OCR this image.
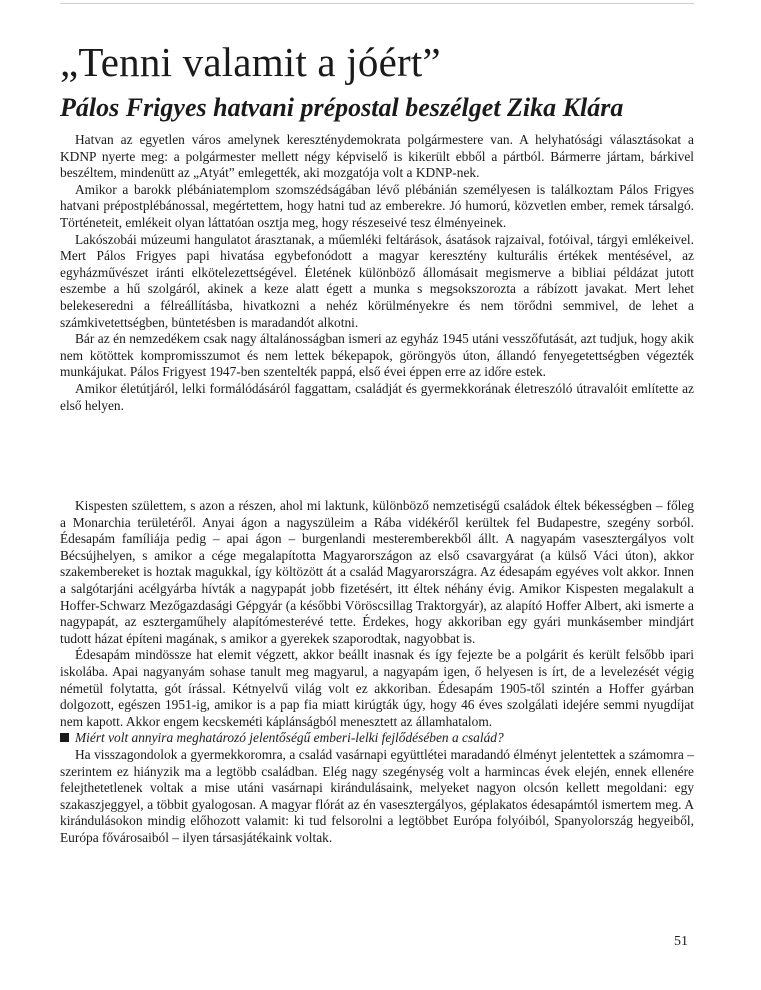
„Tenni valamit a jóért”
Pálos Frigyes hatvani prépostal beszélget Zika Klára

Hatvan az egyetlen város amelynek kereszténydemokrata polgármestere van. A helyhatósági választásokat a KDNP nyerte meg: a polgármester mellett négy képviselő is kikerült ebből a pártból. Bármerre jártam, bárkivel beszéltem, mindenütt az „Atyát” emlegették, aki mozgatója volt a KDNP-nek.

Amikor a barokk plébániatemplom szomszédságában lévő plébánián személyesen is találkoztam Pálos Frigyes hatvani prépostplébánossal, megértettem, hogy hatni tud az emberekre. Jó humorú, közvetlen ember, remek társalgó. Történeteit, emlékeit olyan láttatóan osztja meg, hogy részeseivé tesz élményeinek.

Lakószobái múzeumi hangulatot árasztanak, a műemléki feltárások, ásatások rajzaival, fotóival, tárgyi emlékeivel. Mert Pálos Frigyes papi hivatása egybefonódott a magyar keresztény kulturális értékek mentésével, az egyházművészet iránti elkötelezettségével. Életének különböző állomásait megismerve a bibliai példázat jutott eszembe a hű szolgáról, akinek a keze alatt égett a munka s megsokszorozta a rábízott javakat. Mert lehet belekeseredni a félreállításba, hivatkozni a nehéz körülményekre és nem törődni semmivel, de lehet a számkivetettségben, büntetésben is maradandót alkotni.

Bár az én nemzedékem csak nagy általánosságban ismeri az egyház 1945 utáni vesszőfutását, azt tudjuk, hogy akik nem kötöttek kompromisszumot és nem lettek békepapok, göröngyös úton, állandó fenyegetettségben végezték munkájukat. Pálos Frigyest 1947-ben szentelték pappá, első évei éppen erre az időre estek.

Amikor életútjáról, lelki formálódásáról faggattam, családját és gyermekkorának életreszóló útravalóit említette az első helyen.

Kispesten születtem, s azon a részen, ahol mi laktunk, különböző nemzetiségű családok éltek békességben – főleg a Monarchia területéről. Anyai ágon a nagyszüleim a Rába vidékéről kerültek fel Budapestre, szegény sorból. Édesapám famíliája pedig – apai ágon – burgenlandi mesteremberekből állt. A nagyapám vasesztergályos volt Bécsújhelyen, s amikor a cége megalapította Magyarországon az első csavargyárat (a külső Váci úton), akkor szakembereket is hoztak magukkal, így költözött át a család Magyarországra. Az édesapám egyéves volt akkor. Innen a salgótarjáni acélgyárba hívták a nagypapát jobb fizetésért, itt éltek néhány évig. Amikor Kispesten megalakult a Hoffer-Schwarz Mezőgazdasági Gépgyár (a későbbi Vöröscsillag Traktorgyár), az alapító Hoffer Albert, aki ismerte a nagypapát, az esztergaműhely alapítómesterévé tette. Érdekes, hogy akkoriban egy gyári munkásember mindjárt tudott házat építeni magának, s amikor a gyerekek szaporodtak, nagyobbat is.

Édesapám mindössze hat elemit végzett, akkor beállt inasnak és így fejezte be a polgárit és került felsőbb ipari iskolába. Apai nagyanyám sohase tanult meg magyarul, a nagyapám igen, ő helyesen is írt, de a levelezését végig németül folytatta, gót írással. Kétnyelvű világ volt ez akkoriban. Édesapám 1905-től szintén a Hoffer gyárban dolgozott, egészen 1951-ig, amikor is a pap fia miatt kirúgták úgy, hogy 46 éves szolgálati idejére semmi nyugdíjat nem kapott. Akkor engem kecskeméti káplánságból menesztett az államhatalom.

Miért volt annyira meghatározó jelentőségű emberi-lelki fejlődésében a család?

Ha visszagondolok a gyermekkoromra, a család vasárnapi együttlétei maradandó élményt jelentettek a számomra – szerintem ez hiányzik ma a legtöbb családban. Elég nagy szegénység volt a harmincas évek elején, ennek ellenére felejthetetlenek voltak a mise utáni vasárnapi kirándulásaink, melyeket nagyon olcsón kellett megoldani: egy szakaszjeggyel, a többit gyalogosan. A magyar flórát az én vasesztergályos, géplakatos édesapámtól ismertem meg. A kirándulásokon mindig előhozott valamit: ki tud felsorolni a legtöbbet Európa folyóiból, Spanyolország hegyeiből, Európa fővárosaiból – ilyen társasjátékaink voltak.

51
